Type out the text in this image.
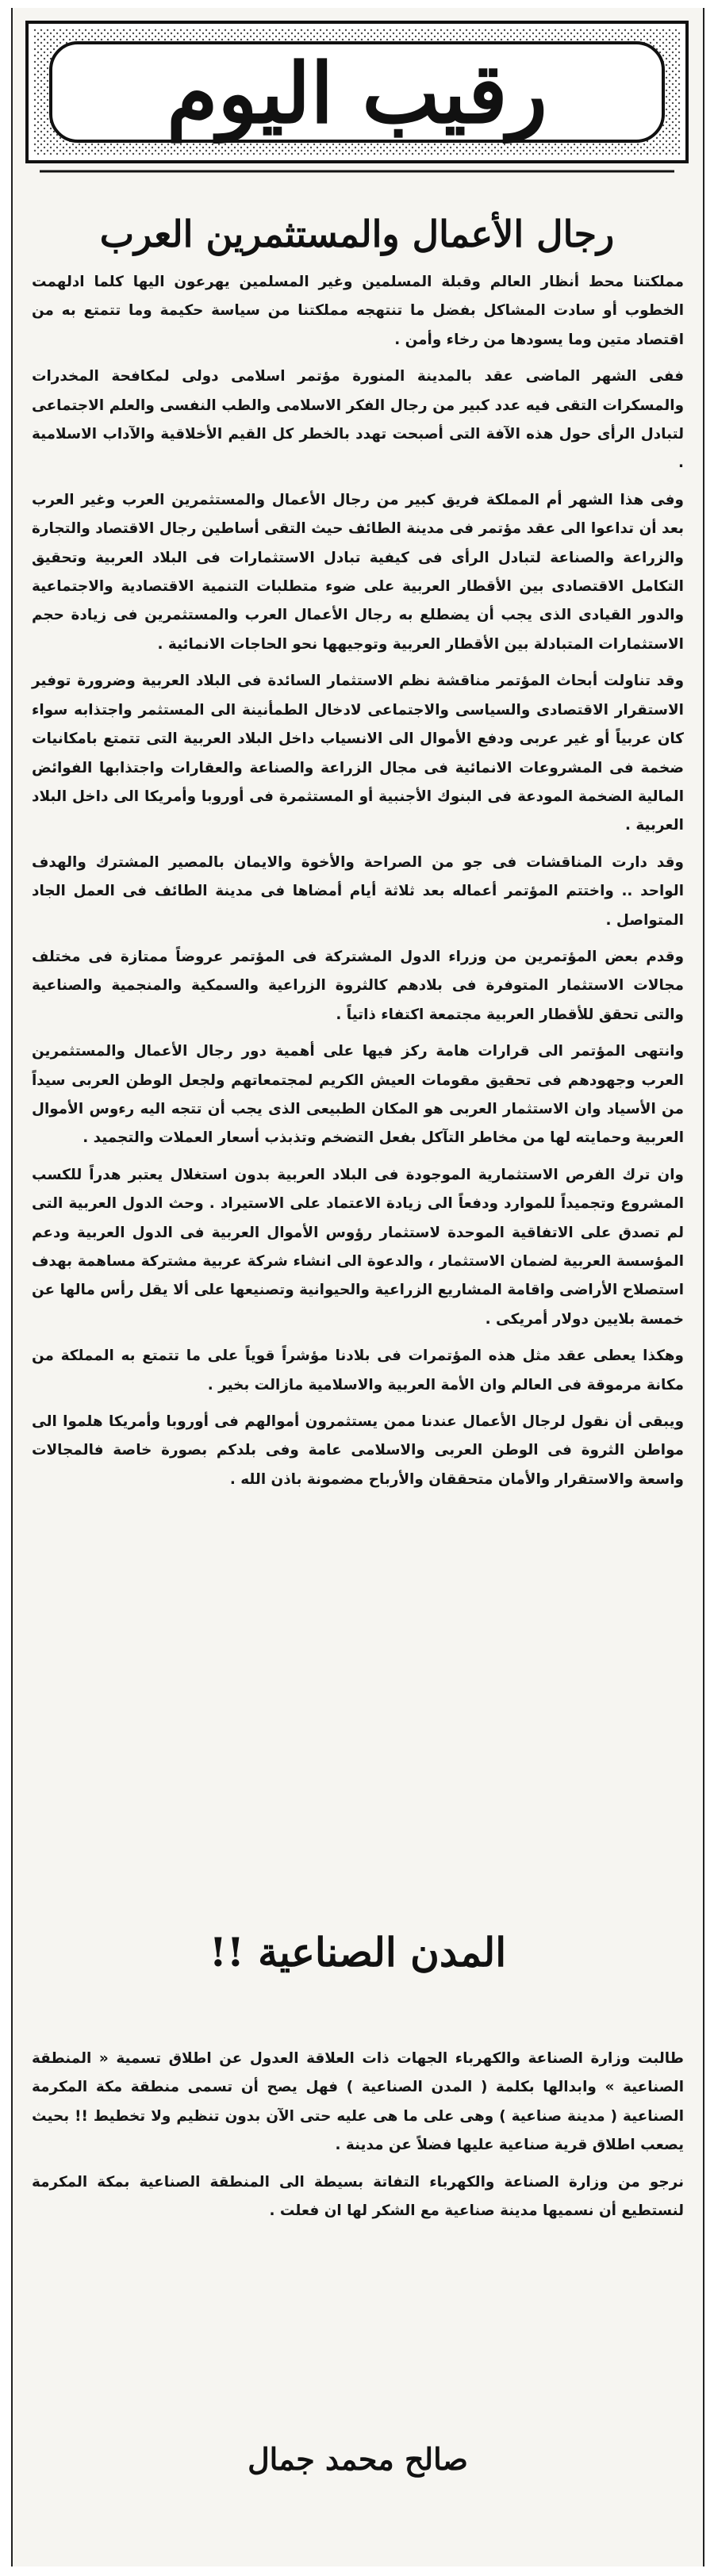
رقيب اليوم
رجال الأعمال والمستثمرين العرب

مملكتنا محط أنظار العالم وقبلة المسلمين وغير المسلمين يهرعون اليها كلما ادلهمت الخطوب أو سادت المشاكل بفضل ما تنتهجه مملكتنا من سياسة حكيمة وما تتمتع به من اقتصاد متين وما يسودها من رخاء وأمن .

ففى الشهر الماضى عقد بالمدينة المنورة مؤتمر اسلامى دولى لمكافحة المخدرات والمسكرات التقى فيه عدد كبير من رجال الفكر الاسلامى والطب النفسى والعلم الاجتماعى لتبادل الرأى حول هذه الآفة التى أصبحت تهدد بالخطر كل القيم الأخلاقية والآداب الاسلامية .

وفى هذا الشهر أم المملكة فريق كبير من رجال الأعمال والمستثمرين العرب وغير العرب بعد أن تداعوا الى عقد مؤتمر فى مدينة الطائف حيث التقى أساطين رجال الاقتصاد والتجارة والزراعة والصناعة لتبادل الرأى فى كيفية تبادل الاستثمارات فى البلاد العربية وتحقيق التكامل الاقتصادى بين الأقطار العربية على ضوء متطلبات التنمية الاقتصادية والاجتماعية والدور القيادى الذى يجب أن يضطلع به رجال الأعمال العرب والمستثمرين فى زيادة حجم الاستثمارات المتبادلة بين الأقطار العربية وتوجيهها نحو الحاجات الانمائية .

وقد تناولت أبحاث المؤتمر مناقشة نظم الاستثمار السائدة فى البلاد العربية وضرورة توفير الاستقرار الاقتصادى والسياسى والاجتماعى لادخال الطمأنينة الى المستثمر واجتذابه سواء كان عربياً أو غير عربى ودفع الأموال الى الانسياب داخل البلاد العربية التى تتمتع بامكانيات ضخمة فى المشروعات الانمائية فى مجال الزراعة والصناعة والعقارات واجتذابها الفوائض المالية الضخمة المودعة فى البنوك الأجنبية أو المستثمرة فى أوروبا وأمريكا الى داخل البلاد العربية .

وقد دارت المناقشات فى جو من الصراحة والأخوة والايمان بالمصير المشترك والهدف الواحد .. واختتم المؤتمر أعماله بعد ثلاثة أيام أمضاها فى مدينة الطائف فى العمل الجاد المتواصل .

وقدم بعض المؤتمرين من وزراء الدول المشتركة فى المؤتمر عروضاً ممتازة فى مختلف مجالات الاستثمار المتوفرة فى بلادهم كالثروة الزراعية والسمكية والمنجمية والصناعية والتى تحقق للأقطار العربية مجتمعة اكتفاء ذاتياً .

وانتهى المؤتمر الى قرارات هامة ركز فيها على أهمية دور رجال الأعمال والمستثمرين العرب وجهودهم فى تحقيق مقومات العيش الكريم لمجتمعاتهم ولجعل الوطن العربى سيداً من الأسياد وان الاستثمار العربى هو المكان الطبيعى الذى يجب أن تتجه اليه رءوس الأموال العربية وحمايته لها من مخاطر التآكل بفعل التضخم وتذبذب أسعار العملات والتجميد .

وان ترك الفرص الاستثمارية الموجودة فى البلاد العربية بدون استغلال يعتبر هدراً للكسب المشروع وتجميداً للموارد ودفعاً الى زيادة الاعتماد على الاستيراد . وحث الدول العربية التى لم تصدق على الاتفاقية الموحدة لاستثمار رؤوس الأموال العربية فى الدول العربية ودعم المؤسسة العربية لضمان الاستثمار ، والدعوة الى انشاء شركة عربية مشتركة مساهمة بهدف استصلاح الأراضى واقامة المشاريع الزراعية والحيوانية وتصنيعها على ألا يقل رأس مالها عن خمسة بلايين دولار أمريكى .

وهكذا يعطى عقد مثل هذه المؤتمرات فى بلادنا مؤشراً قوياً على ما تتمتع به المملكة من مكانة مرموقة فى العالم وان الأمة العربية والاسلامية مازالت بخير .

ويبقى أن نقول لرجال الأعمال عندنا ممن يستثمرون أموالهم فى أوروبا وأمريكا هلموا الى مواطن الثروة فى الوطن العربى والاسلامى عامة وفى بلدكم بصورة خاصة فالمجالات واسعة والاستقرار والأمان متحققان والأرباح مضمونة باذن الله .

المدن الصناعية !!

طالبت وزارة الصناعة والكهرباء الجهات ذات العلاقة العدول عن اطلاق تسمية « المنطقة الصناعية » وابدالها بكلمة ( المدن الصناعية ) فهل يصح أن تسمى منطقة مكة المكرمة الصناعية ( مدينة صناعية ) وهى على ما هى عليه حتى الآن بدون تنظيم ولا تخطيط !! بحيث يصعب اطلاق قرية صناعية عليها فضلاً عن مدينة .

نرجو من وزارة الصناعة والكهرباء التفاتة بسيطة الى المنطقة الصناعية بمكة المكرمة لنستطيع أن نسميها مدينة صناعية مع الشكر لها ان فعلت .

صالح محمد جمال
